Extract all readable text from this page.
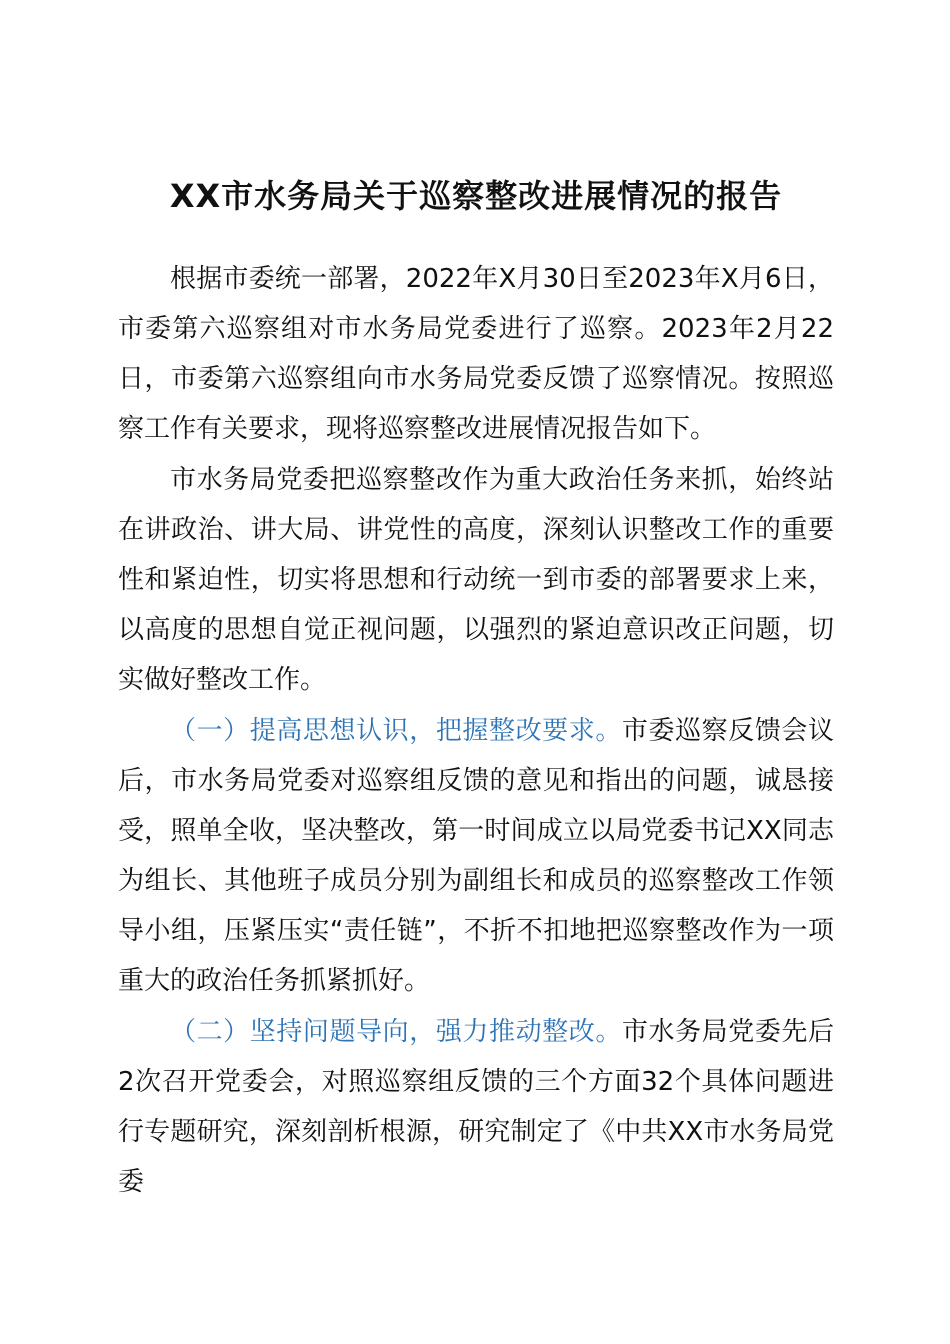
XX市水务局关于巡察整改进展情况的报告

根据市委统一部署，2022年X月30日至2023年X月6日，市委第六巡察组对市水务局党委进行了巡察。2023年2月22日，市委第六巡察组向市水务局党委反馈了巡察情况。按照巡察工作有关要求，现将巡察整改进展情况报告如下。

市水务局党委把巡察整改作为重大政治任务来抓，始终站在讲政治、讲大局、讲党性的高度，深刻认识整改工作的重要性和紧迫性，切实将思想和行动统一到市委的部署要求上来，以高度的思想自觉正视问题，以强烈的紧迫意识改正问题，切实做好整改工作。

（一）提高思想认识，把握整改要求。市委巡察反馈会议后，市水务局党委对巡察组反馈的意见和指出的问题，诚恳接受，照单全收，坚决整改，第一时间成立以局党委书记XX同志为组长、其他班子成员分别为副组长和成员的巡察整改工作领导小组，压紧压实“责任链”，不折不扣地把巡察整改作为一项重大的政治任务抓紧抓好。

（二）坚持问题导向，强力推动整改。市水务局党委先后2次召开党委会，对照巡察组反馈的三个方面32个具体问题进行专题研究，深刻剖析根源，研究制定了《中共XX市水务局党委
